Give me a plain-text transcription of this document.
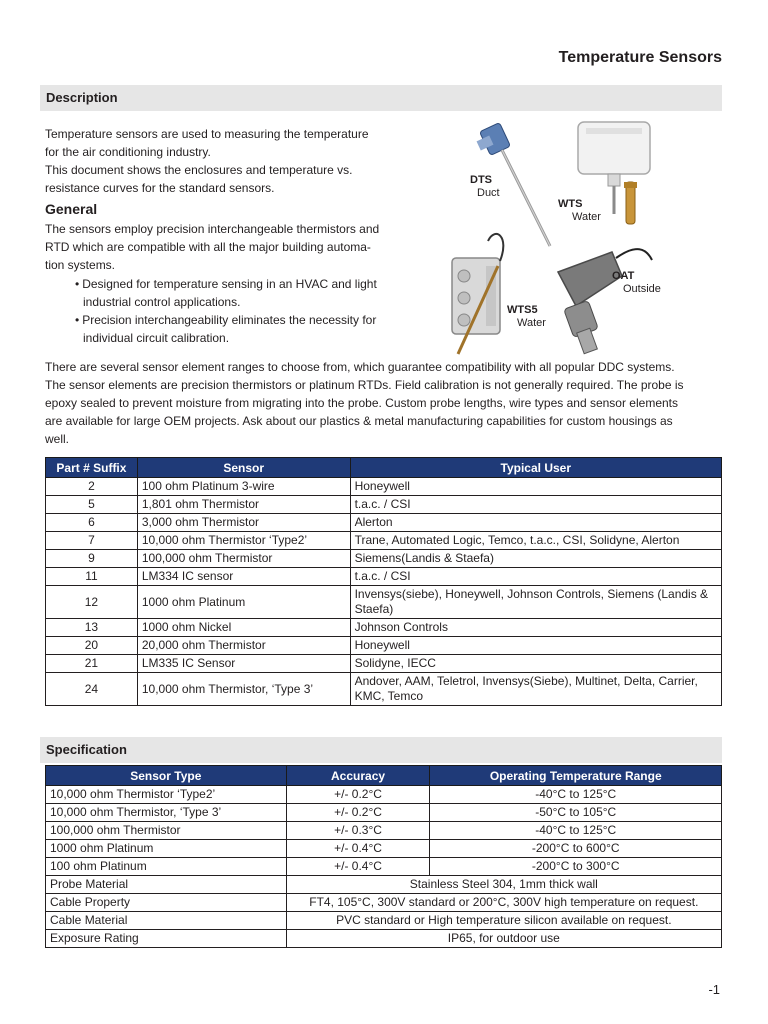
Temperature Sensors
Description
Temperature sensors are used to measuring the temperature
for the air conditioning industry.
This document shows the enclosures and temperature vs.
resistance curves for the standard sensors.
General
The sensors employ precision interchangeable thermistors and
RTD which are compatible with all the major building automa-
tion systems.
• Designed for temperature sensing in an HVAC and light industrial control applications.
• Precision interchangeability eliminates the necessity for individual circuit calibration.
DTS
Duct
WTS
Water
OAT
Outside
WTS5
Water
There are several sensor element ranges to choose from, which guarantee compatibility with all popular DDC systems.
The sensor elements are precision thermistors or platinum RTDs. Field calibration is not generally required. The probe is
epoxy sealed to prevent moisture from migrating into the probe. Custom probe lengths, wire types and sensor elements
are available for large OEM projects. Ask about our plastics & metal manufacturing capabilities for custom housings as
well.
Part # Suffix	Sensor	Typical User
2	100 ohm Platinum 3-wire	Honeywell
5	1,801 ohm Thermistor	t.a.c. / CSI
6	3,000 ohm Thermistor	Alerton
7	10,000 ohm Thermistor ‘Type2’	Trane, Automated Logic, Temco, t.a.c., CSI, Solidyne, Alerton
9	100,000 ohm Thermistor	Siemens(Landis & Staefa)
11	LM334 IC sensor	t.a.c. / CSI
12	1000 ohm Platinum	Invensys(siebe), Honeywell, Johnson Controls, Siemens (Landis & Staefa)
13	1000 ohm Nickel	Johnson Controls
20	20,000 ohm Thermistor	Honeywell
21	LM335 IC Sensor	Solidyne, IECC
24	10,000 ohm Thermistor, ‘Type 3’	Andover, AAM, Teletrol, Invensys(Siebe), Multinet, Delta, Carrier, KMC, Temco
Specification
Sensor Type	Accuracy	Operating Temperature Range
10,000 ohm Thermistor ‘Type2’	+/- 0.2°C	-40°C to 125°C
10,000 ohm Thermistor, ‘Type 3’	+/- 0.2°C	-50°C to 105°C
100,000 ohm Thermistor	+/- 0.3°C	-40°C to 125°C
1000 ohm Platinum	+/- 0.4°C	-200°C to 600°C
100 ohm Platinum	+/- 0.4°C	-200°C to 300°C
Probe Material	Stainless Steel 304, 1mm thick wall	
Cable Property	FT4, 105°C, 300V standard or 200°C, 300V high temperature on request.	
Cable Material	PVC standard or High temperature silicon available on request.	
Exposure Rating	IP65, for outdoor use	
-1
